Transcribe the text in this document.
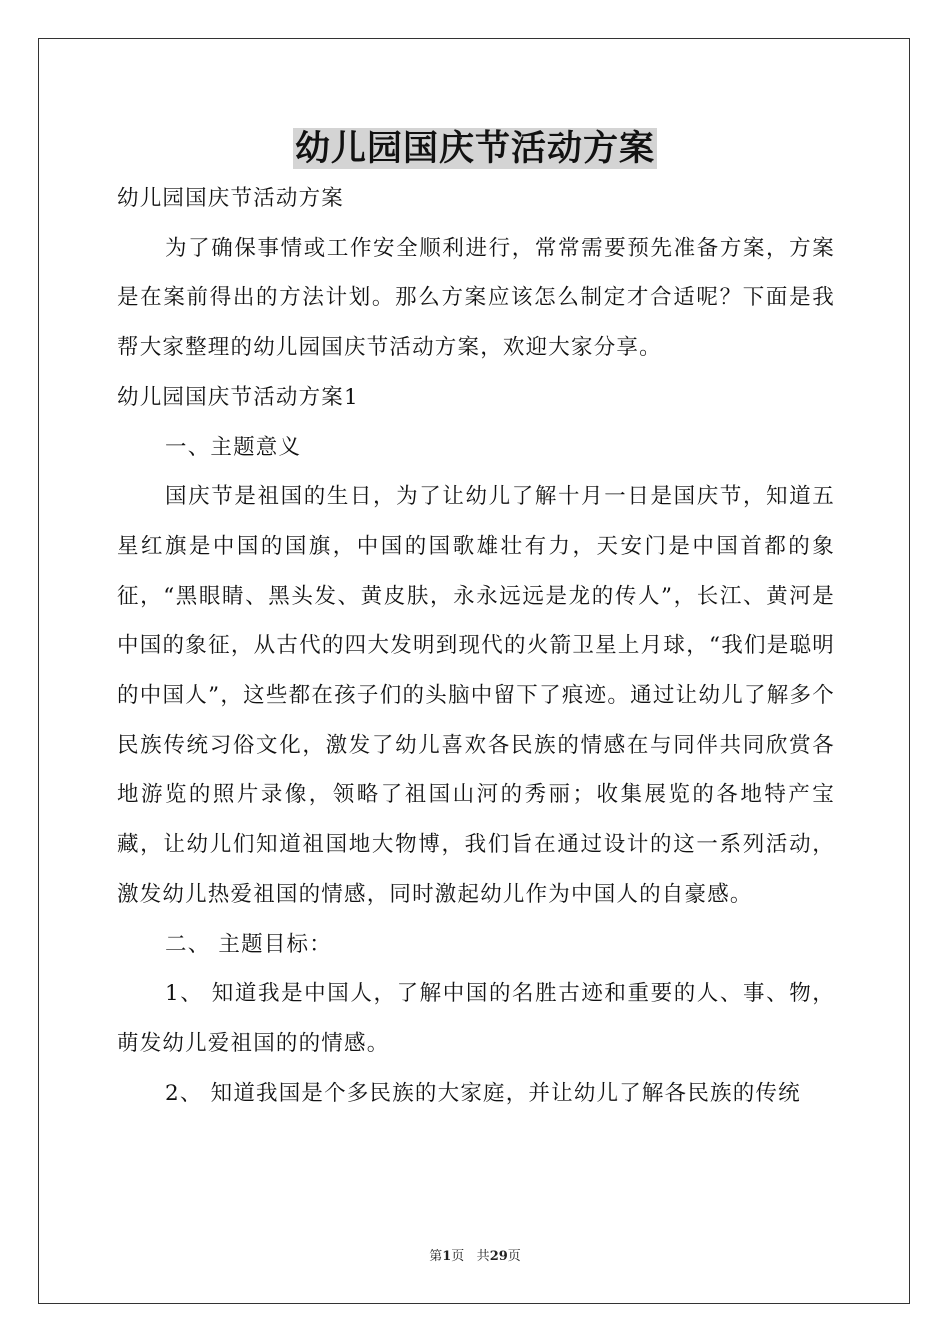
幼儿园国庆节活动方案

幼儿园国庆节活动方案

为了确保事情或工作安全顺利进行，常常需要预先准备方案，方案是在案前得出的方法计划。那么方案应该怎么制定才合适呢？下面是我帮大家整理的幼儿园国庆节活动方案，欢迎大家分享。

幼儿园国庆节活动方案1

一、主题意义

国庆节是祖国的生日，为了让幼儿了解十月一日是国庆节，知道五星红旗是中国的国旗，中国的国歌雄壮有力，天安门是中国首都的象征，“黑眼睛、黑头发、黄皮肤，永永远远是龙的传人”，长江、黄河是中国的象征，从古代的四大发明到现代的火箭卫星上月球，“我们是聪明的中国人”，这些都在孩子们的头脑中留下了痕迹。通过让幼儿了解多个民族传统习俗文化，激发了幼儿喜欢各民族的情感在与同伴共同欣赏各地游览的照片录像，领略了祖国山河的秀丽；收集展览的各地特产宝藏，让幼儿们知道祖国地大物博，我们旨在通过设计的这一系列活动，激发幼儿热爱祖国的情感，同时激起幼儿作为中国人的自豪感。

二、 主题目标：

1、 知道我是中国人，了解中国的名胜古迹和重要的人、事、物，萌发幼儿爱祖国的的情感。

2、 知道我国是个多民族的大家庭，并让幼儿了解各民族的传统

第1页 共29页
